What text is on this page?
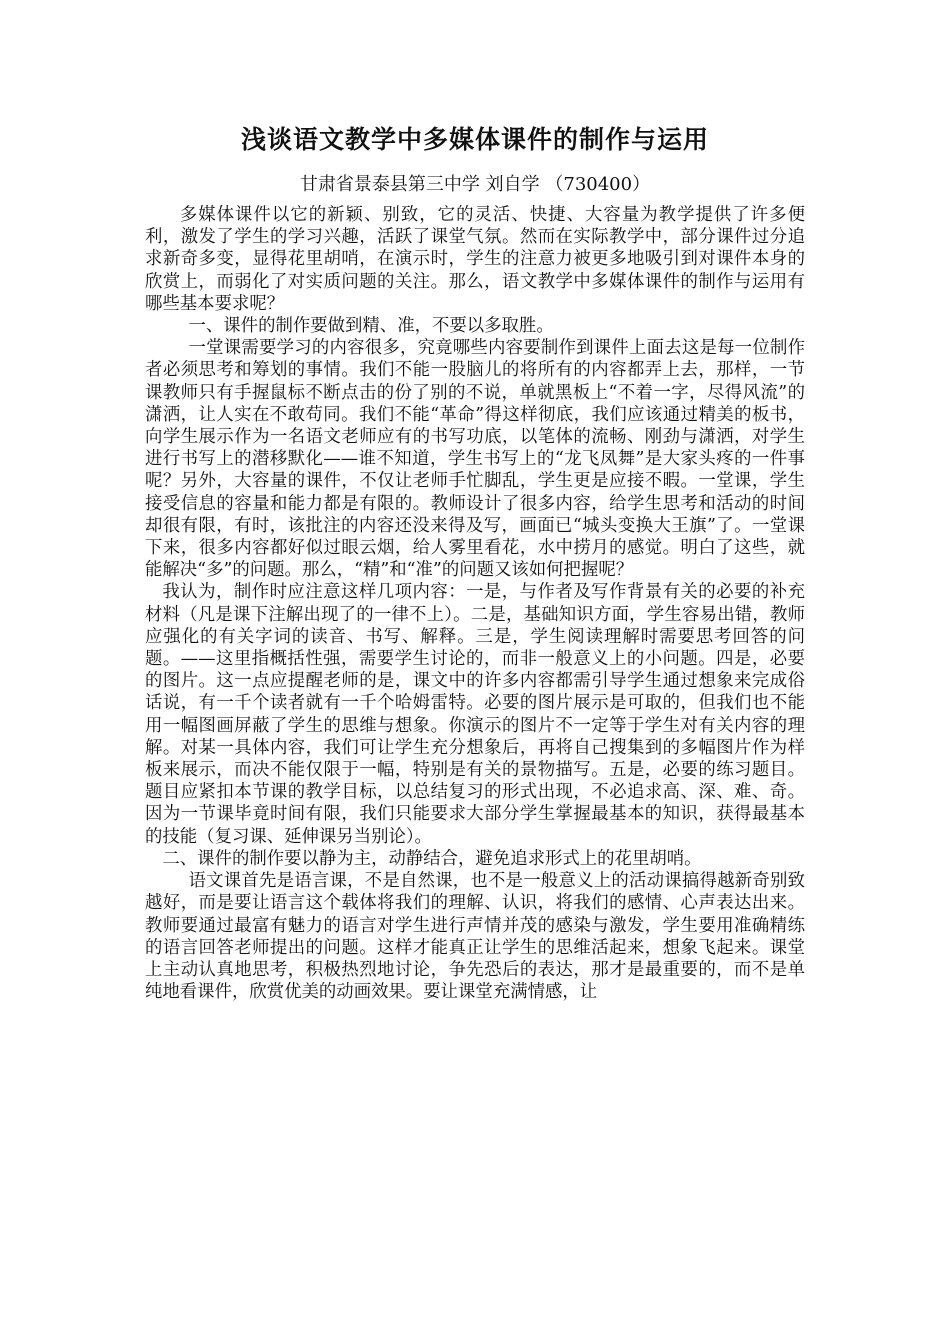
浅谈语文教学中多媒体课件的制作与运用

甘肃省景泰县第三中学 刘自学 （730400）

多媒体课件以它的新颖、别致，它的灵活、快捷、大容量为教学提供了许多便利，激发了学生的学习兴趣，活跃了课堂气氛。然而在实际教学中，部分课件过分追求新奇多变，显得花里胡哨，在演示时，学生的注意力被更多地吸引到对课件本身的欣赏上，而弱化了对实质问题的关注。那么，语文教学中多媒体课件的制作与运用有哪些基本要求呢？

一、课件的制作要做到精、准，不要以多取胜。

一堂课需要学习的内容很多，究竟哪些内容要制作到课件上面去这是每一位制作者必须思考和筹划的事情。我们不能一股脑儿的将所有的内容都弄上去，那样，一节课教师只有手握鼠标不断点击的份了别的不说，单就黑板上“不着一字，尽得风流”的潇洒，让人实在不敢苟同。我们不能“革命”得这样彻底，我们应该通过精美的板书，向学生展示作为一名语文老师应有的书写功底，以笔体的流畅、刚劲与潇洒，对学生进行书写上的潜移默化——谁不知道，学生书写上的“龙飞凤舞”是大家头疼的一件事呢？另外，大容量的课件，不仅让老师手忙脚乱，学生更是应接不暇。一堂课，学生接受信息的容量和能力都是有限的。教师设计了很多内容，给学生思考和活动的时间却很有限，有时，该批注的内容还没来得及写，画面已“城头变换大王旗”了。一堂课下来，很多内容都好似过眼云烟，给人雾里看花，水中捞月的感觉。明白了这些，就能解决“多”的问题。那么，“精”和“准”的问题又该如何把握呢？

我认为，制作时应注意这样几项内容：一是，与作者及写作背景有关的必要的补充材料（凡是课下注解出现了的一律不上）。二是，基础知识方面，学生容易出错，教师应强化的有关字词的读音、书写、解释。三是，学生阅读理解时需要思考回答的问题。——这里指概括性强，需要学生讨论的，而非一般意义上的小问题。四是，必要的图片。这一点应提醒老师的是，课文中的许多内容都需引导学生通过想象来完成俗话说，有一千个读者就有一千个哈姆雷特。必要的图片展示是可取的，但我们也不能用一幅图画屏蔽了学生的思维与想象。你演示的图片不一定等于学生对有关内容的理解。对某一具体内容，我们可让学生充分想象后，再将自己搜集到的多幅图片作为样板来展示，而决不能仅限于一幅，特别是有关的景物描写。五是，必要的练习题目。题目应紧扣本节课的教学目标，以总结复习的形式出现，不必追求高、深、难、奇。因为一节课毕竟时间有限，我们只能要求大部分学生掌握最基本的知识，获得最基本的技能（复习课、延伸课另当别论）。

二、课件的制作要以静为主，动静结合，避免追求形式上的花里胡哨。

语文课首先是语言课，不是自然课，也不是一般意义上的活动课搞得越新奇别致越好，而是要让语言这个载体将我们的理解、认识，将我们的感情、心声表达出来。教师要通过最富有魅力的语言对学生进行声情并茂的感染与激发，学生要用准确精练的语言回答老师提出的问题。这样才能真正让学生的思维活起来，想象飞起来。课堂上主动认真地思考，积极热烈地讨论，争先恐后的表达，那才是最重要的，而不是单纯地看课件，欣赏优美的动画效果。要让课堂充满情感，让
